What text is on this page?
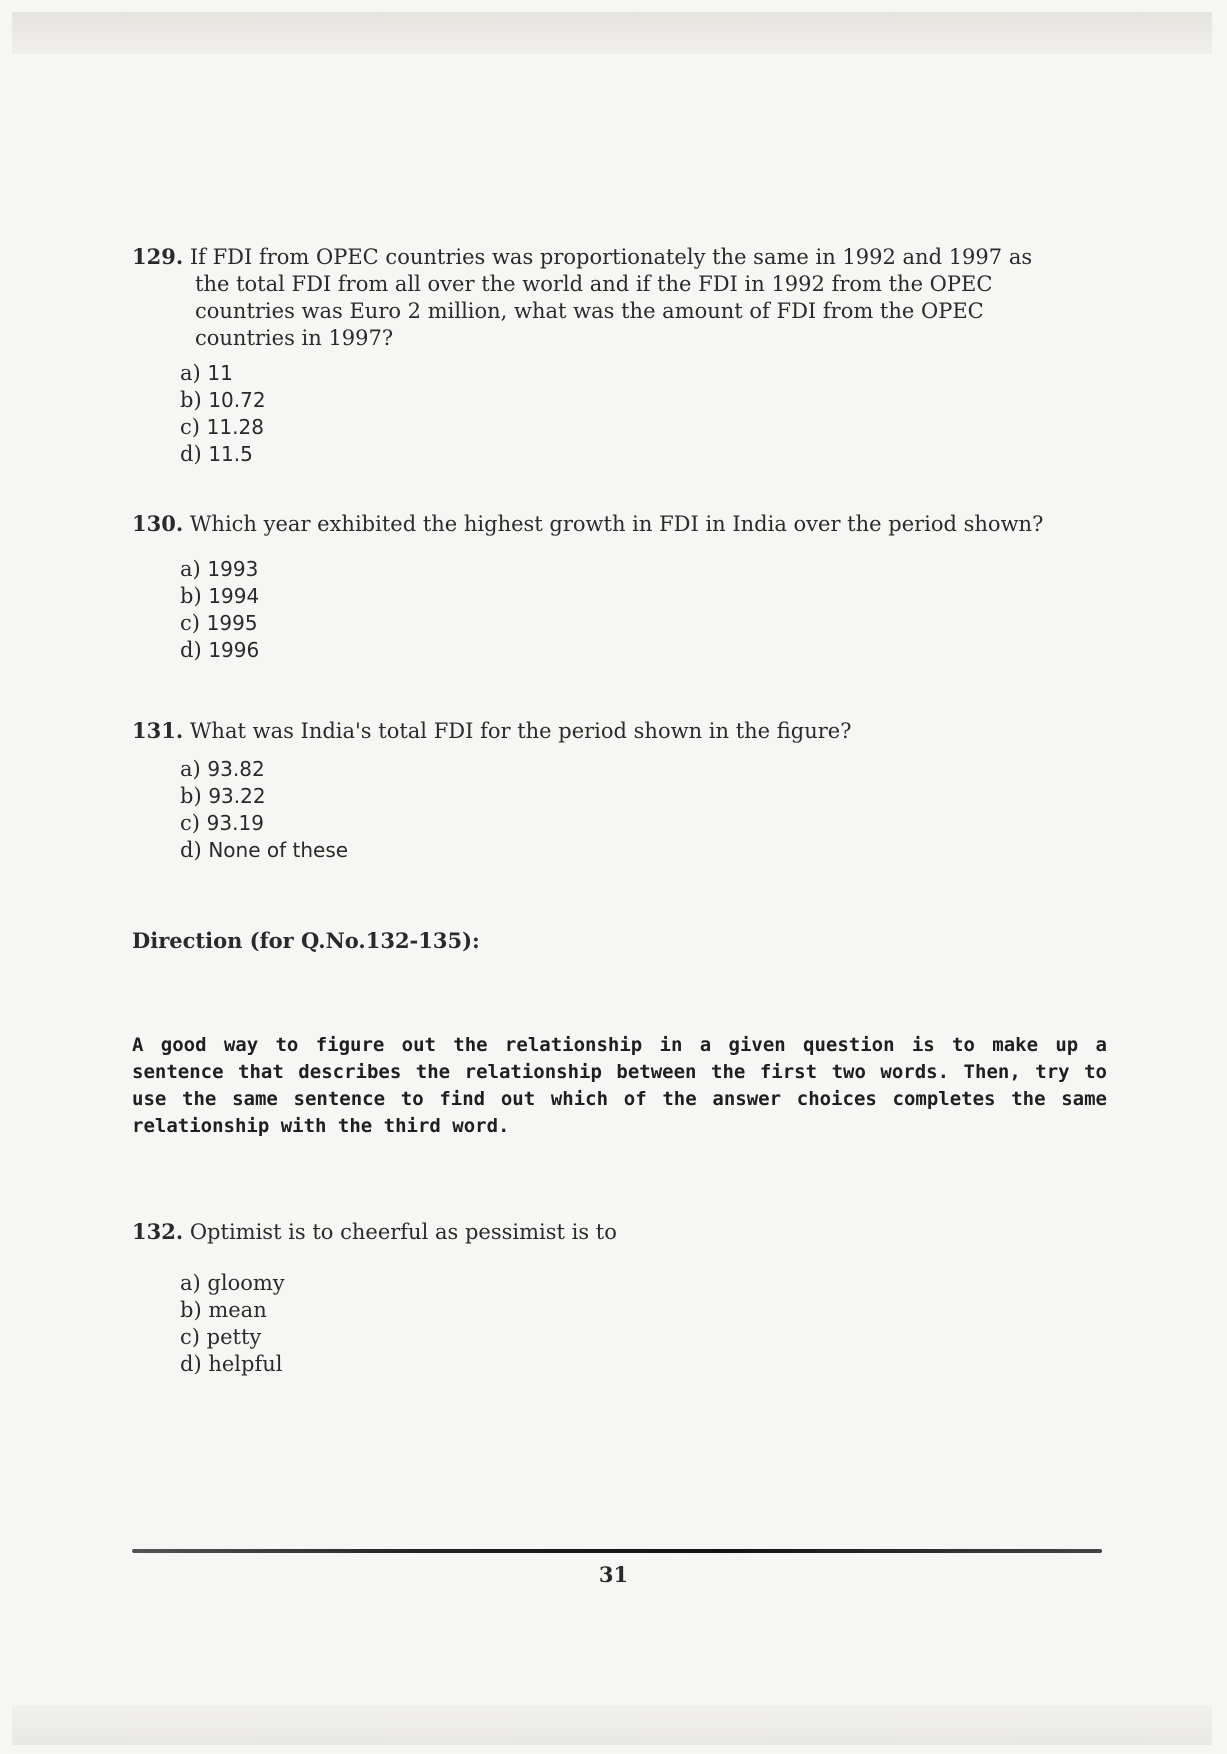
129. If FDI from OPEC countries was proportionately the same in 1992 and 1997 as
the total FDI from all over the world and if the FDI in 1992 from the OPEC
countries was Euro 2 million, what was the amount of FDI from the OPEC
countries in 1997?
a) 11
b) 10.72
c) 11.28
d) 11.5
130. Which year exhibited the highest growth in FDI in India over the period shown?
a) 1993
b) 1994
c) 1995
d) 1996
131. What was India's total FDI for the period shown in the figure?
a) 93.82
b) 93.22
c) 93.19
d) None of these
Direction (for Q.No.132-135):
A good way to figure out the relationship in a given question is to make up a sentence that describes the relationship between the first two words. Then, try to use the same sentence to find out which of the answer choices completes the same relationship with the third word.
132. Optimist is to cheerful as pessimist is to
a) gloomy
b) mean
c) petty
d) helpful
31
